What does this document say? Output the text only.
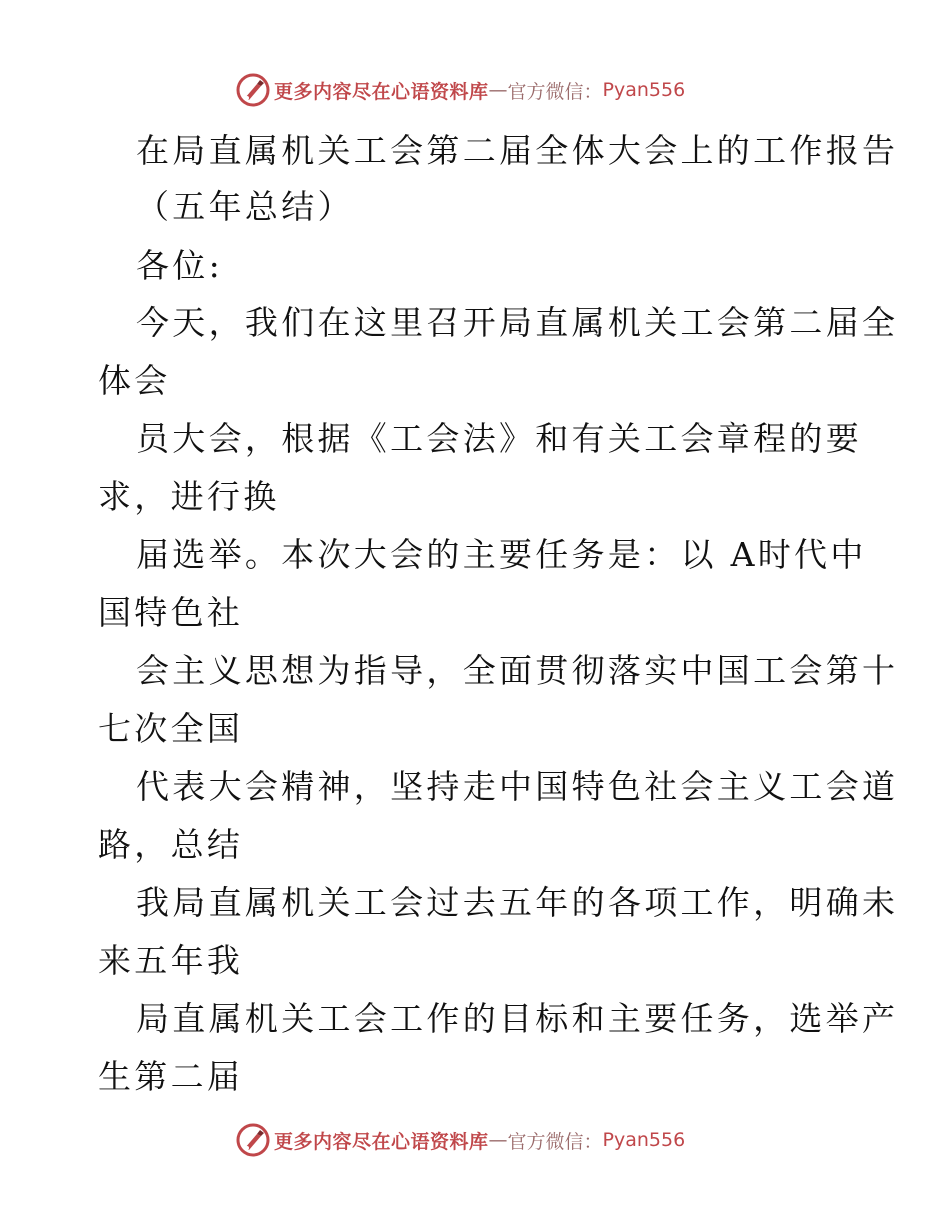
更多内容尽在心语资料库 — 官方微信： Pyan556
在局直属机关工会第二届全体大会上的工作报告
（五年总结）
各位:
今天，我们在这里召开局直属机关工会第二届全
体会
员大会，根据《工会法》和有关工会章程的要
求，进行换
届选举。本次大会的主要任务是：以 A时代中
国特色社
会主义思想为指导，全面贯彻落实中国工会第十
七次全国
代表大会精神，坚持走中国特色社会主义工会道
路，总结
我局直属机关工会过去五年的各项工作，明确未
来五年我
局直属机关工会工作的目标和主要任务，选举产
生第二届
更多内容尽在心语资料库 — 官方微信： Pyan556
